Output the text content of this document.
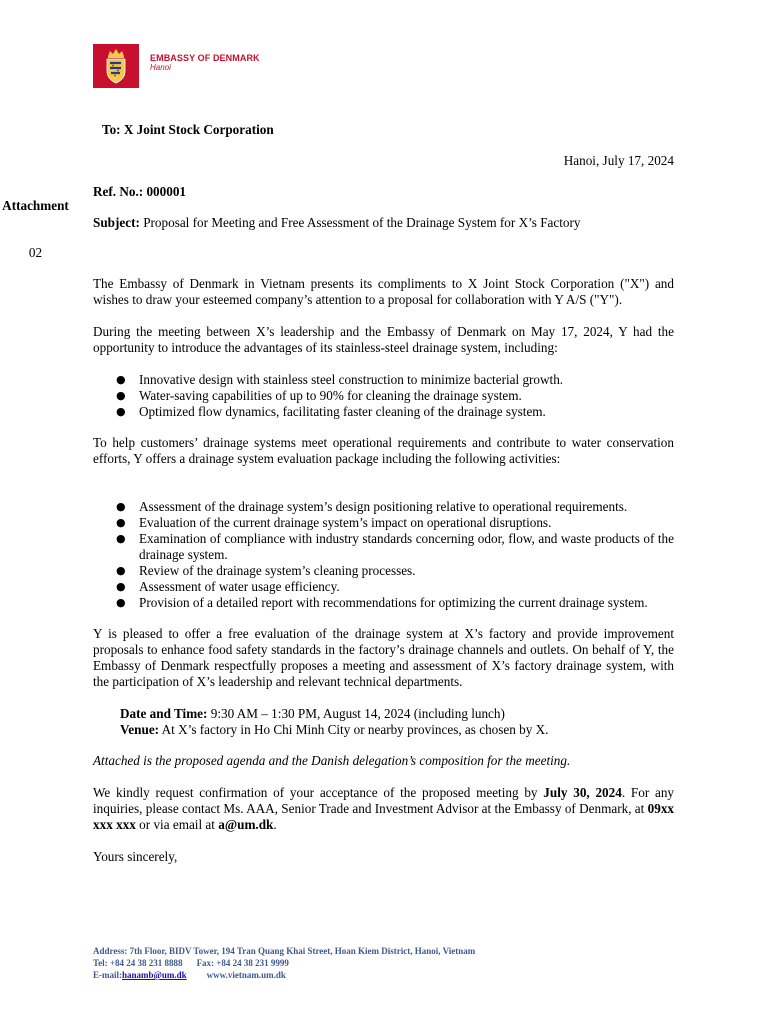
EMBASSY OF DENMARK
Hanoi
To: X Joint Stock Corporation
Hanoi, July 17, 2024
Ref. No.: 000001
Attachment
02
Subject: Proposal for Meeting and Free Assessment of the Drainage System for X’s Factory

The Embassy of Denmark in Vietnam presents its compliments to X Joint Stock Corporation ("X") and wishes to draw your esteemed company’s attention to a proposal for collaboration with Y A/S ("Y").

During the meeting between X’s leadership and the Embassy of Denmark on May 17, 2024, Y had the opportunity to introduce the advantages of its stainless-steel drainage system, including:

● Innovative design with stainless steel construction to minimize bacterial growth.
● Water-saving capabilities of up to 90% for cleaning the drainage system.
● Optimized flow dynamics, facilitating faster cleaning of the drainage system.

To help customers’ drainage systems meet operational requirements and contribute to water conservation efforts, Y offers a drainage system evaluation package including the following activities:

● Assessment of the drainage system’s design positioning relative to operational requirements.
● Evaluation of the current drainage system’s impact on operational disruptions.
● Examination of compliance with industry standards concerning odor, flow, and waste products of the drainage system.
● Review of the drainage system’s cleaning processes.
● Assessment of water usage efficiency.
● Provision of a detailed report with recommendations for optimizing the current drainage system.

Y is pleased to offer a free evaluation of the drainage system at X’s factory and provide improvement proposals to enhance food safety standards in the factory’s drainage channels and outlets. On behalf of Y, the Embassy of Denmark respectfully proposes a meeting and assessment of X’s factory drainage system, with the participation of X’s leadership and relevant technical departments.

Date and Time: 9:30 AM – 1:30 PM, August 14, 2024 (including lunch)
Venue: At X’s factory in Ho Chi Minh City or nearby provinces, as chosen by X.

Attached is the proposed agenda and the Danish delegation’s composition for the meeting.

We kindly request confirmation of your acceptance of the proposed meeting by July 30, 2024. For any inquiries, please contact Ms. AAA, Senior Trade and Investment Advisor at the Embassy of Denmark, at 09xx xxx xxx or via email at a@um.dk.

Yours sincerely,

Address: 7th Floor, BIDV Tower, 194 Tran Quang Khai Street, Hoan Kiem District, Hanoi, Vietnam
Tel: +84 24 38 231 8888 Fax: +84 24 38 231 9999
E-mail:hanamb@um.dk www.vietnam.um.dk
